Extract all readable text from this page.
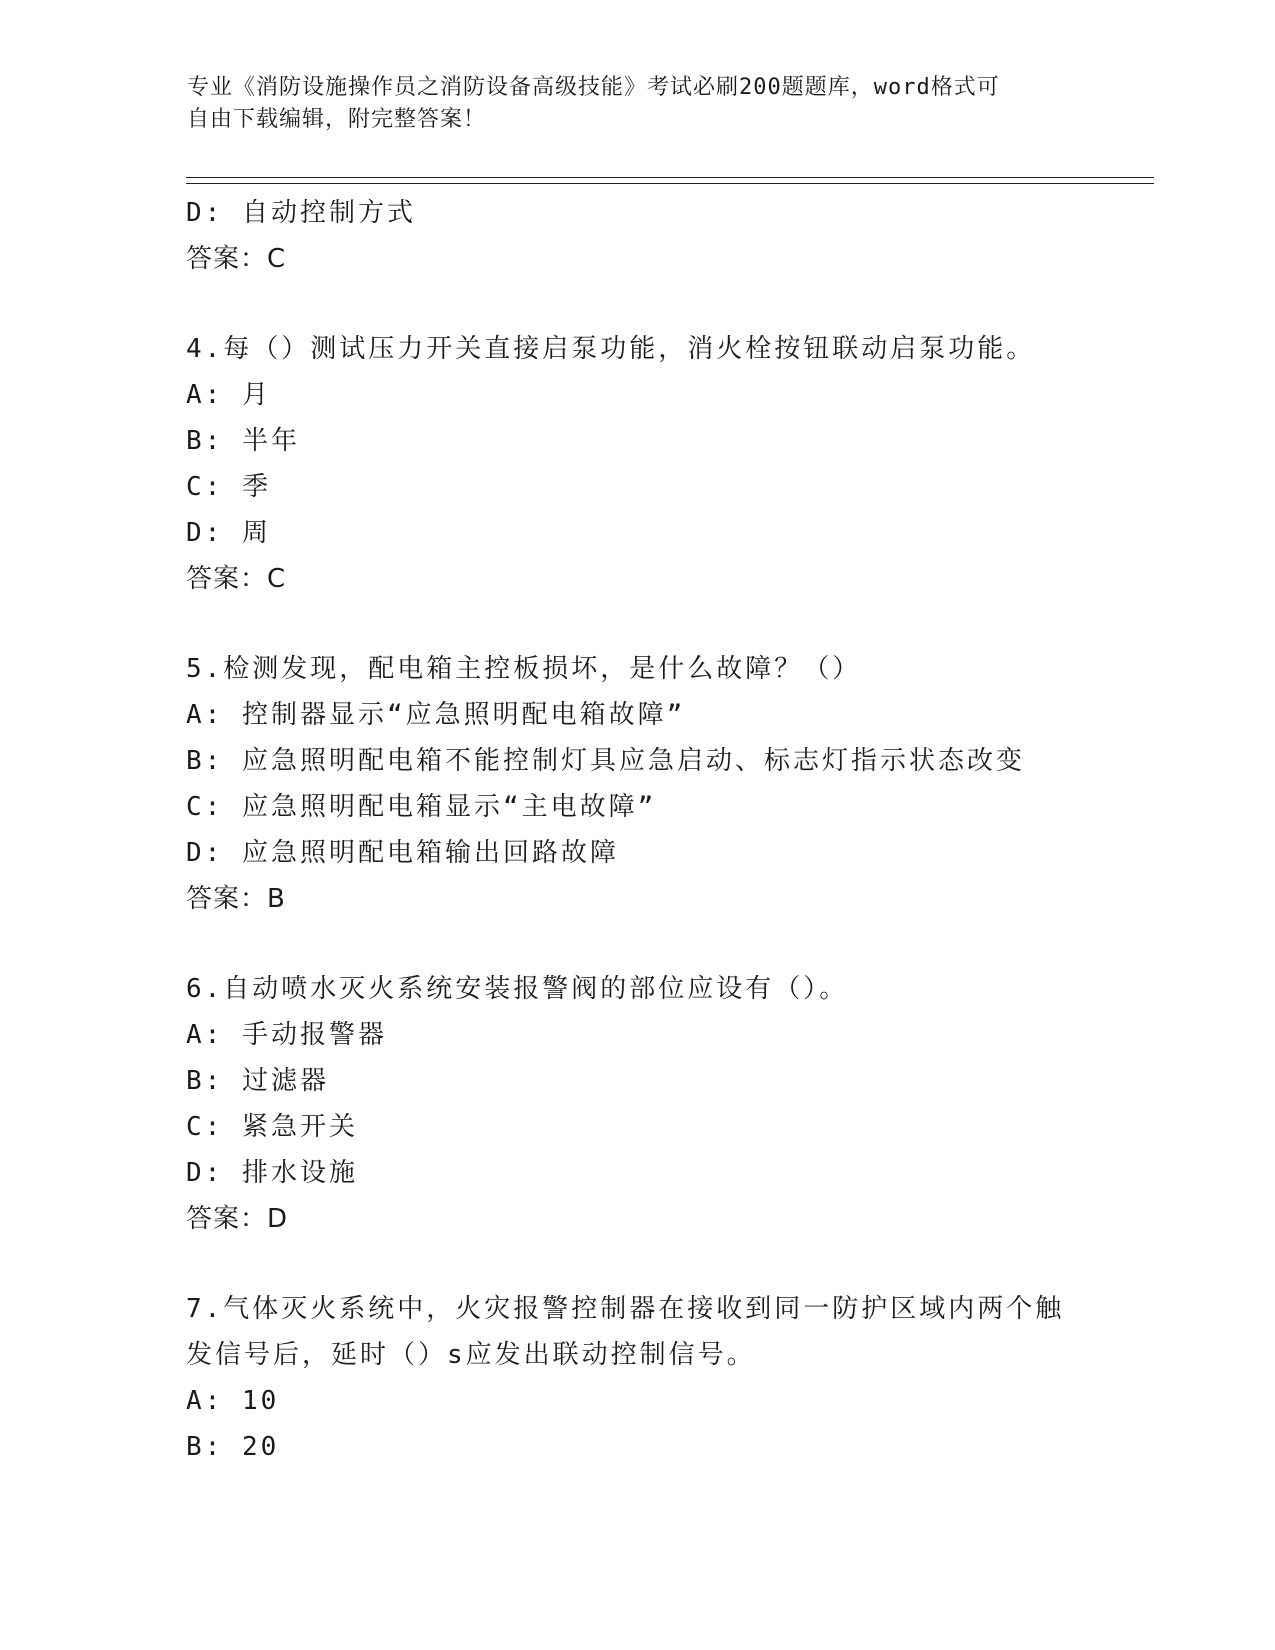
专业《消防设施操作员之消防设备高级技能》考试必刷200题题库，word格式可
自由下载编辑，附完整答案！
D: 自动控制方式
答案：C
4.每（）测试压力开关直接启泵功能，消火栓按钮联动启泵功能。
A: 月
B: 半年
C: 季
D: 周
答案：C
5.检测发现，配电箱主控板损坏，是什么故障？（）
A: 控制器显示“应急照明配电箱故障”
B: 应急照明配电箱不能控制灯具应急启动、标志灯指示状态改变
C: 应急照明配电箱显示“主电故障”
D: 应急照明配电箱输出回路故障
答案：B
6.自动喷水灭火系统安装报警阀的部位应设有（）。
A: 手动报警器
B: 过滤器
C: 紧急开关
D: 排水设施
答案：D
7.气体灭火系统中，火灾报警控制器在接收到同一防护区域内两个触
发信号后，延时（）s应发出联动控制信号。
A: 10
B: 20
